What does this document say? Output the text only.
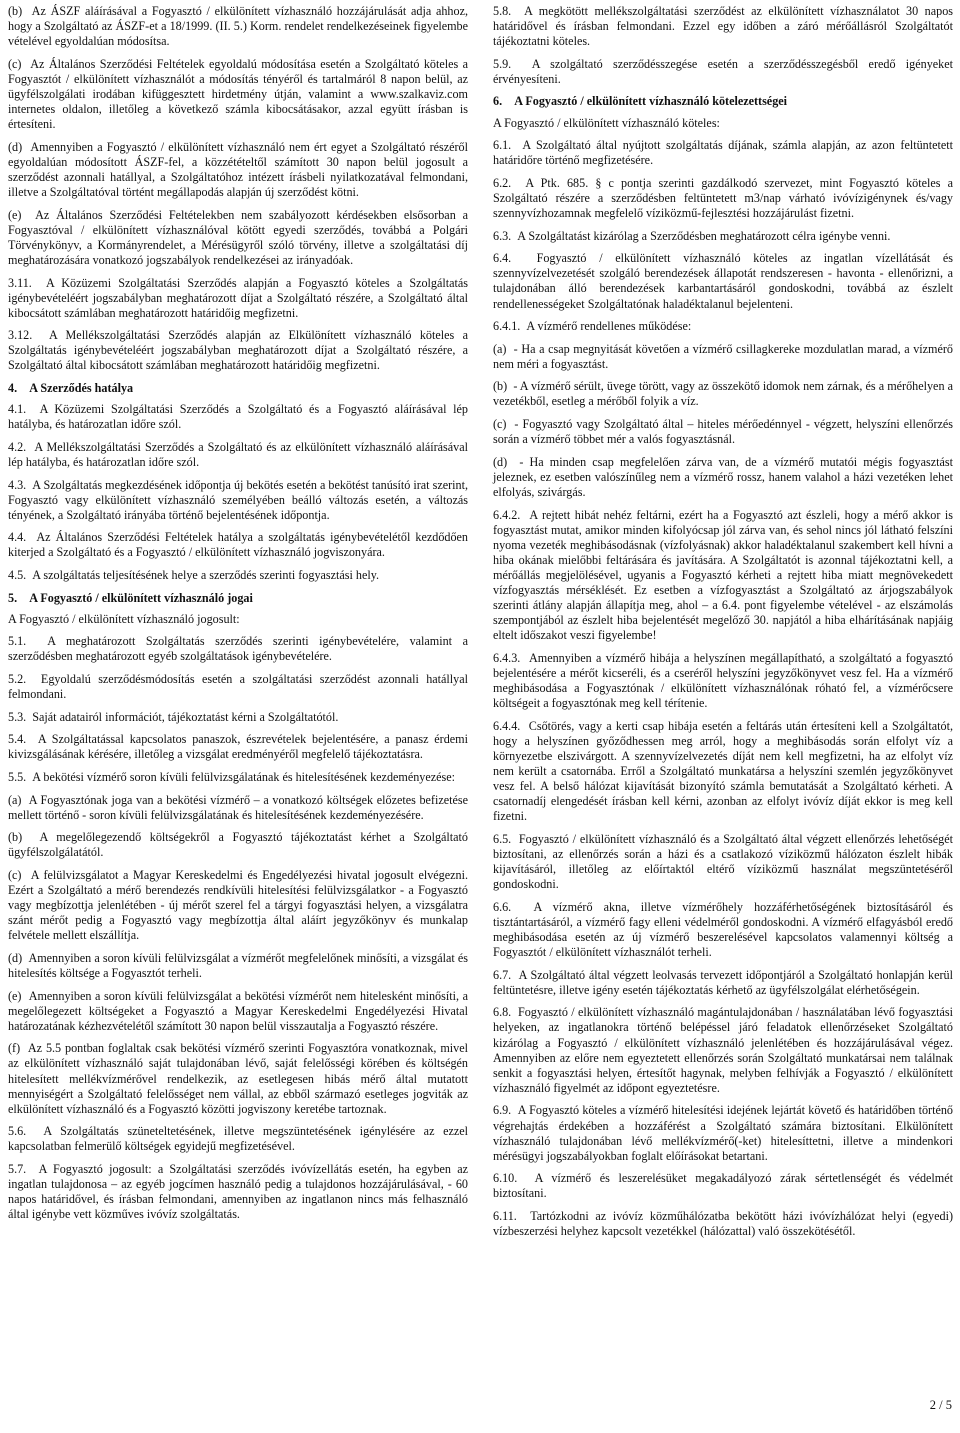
(b)  Az ÁSZF aláírásával a Fogyasztó / elkülönített vízhasználó hozzájárulását adja ahhoz, hogy a Szolgáltató az ÁSZF-et a 18/1999. (II. 5.) Korm. rendelet rendelkezéseinek figyelembe vételével egyoldalúan módosítsa.

(c)  Az Általános Szerződési Feltételek egyoldalú módosítása esetén a Szolgáltató köteles a Fogyasztót / elkülönített vízhasználót a módosítás tényéről és tartalmáról 8 napon belül, az ügyfélszolgálati irodában kifüggesztett hirdetmény útján, valamint a www.szalkaviz.com internetes oldalon, illetőleg a következő számla kibocsátásakor, azzal együtt írásban is értesíteni.

(d)  Amennyiben a Fogyasztó / elkülönített vízhasználó nem ért egyet a Szolgáltató részéről egyoldalúan módosított ÁSZF-fel, a közzétételtől számított 30 napon belül jogosult a szerződést azonnali hatállyal, a Szolgáltatóhoz intézett írásbeli nyilatkozatával felmondani, illetve a Szolgáltatóval történt megállapodás alapján új szerződést kötni.

(e)  Az Általános Szerződési Feltételekben nem szabályozott kérdésekben elsősorban a Fogyasztóval / elkülönített vízhasználóval kötött egyedi szerződés, továbbá a Polgári Törvénykönyv, a Kormányrendelet, a Mérésügyről szóló törvény, illetve a szolgáltatási díj meghatározására vonatkozó jogszabályok rendelkezései az irányadóak.

3.11.  A Közüzemi Szolgáltatási Szerződés alapján a Fogyasztó köteles a Szolgáltatás igénybevételéért jogszabályban meghatározott díjat a Szolgáltató részére, a Szolgáltató által kibocsátott számlában meghatározott határidőig megfizetni.

3.12.  A Mellékszolgáltatási Szerződés alapján az Elkülönített vízhasználó köteles a Szolgáltatás igénybevételéért jogszabályban meghatározott díjat a Szolgáltató részére, a Szolgáltató által kibocsátott számlában meghatározott határidőig megfizetni.

4.    A Szerződés hatálya

4.1.  A Közüzemi Szolgáltatási Szerződés a Szolgáltató és a Fogyasztó aláírásával lép hatályba, és határozatlan időre szól.

4.2.  A Mellékszolgáltatási Szerződés a Szolgáltató és az elkülönített vízhasználó aláírásával lép hatályba, és határozatlan időre szól.

4.3.  A Szolgáltatás megkezdésének időpontja új bekötés esetén a bekötést tanúsító irat szerint, Fogyasztó vagy elkülönített vízhasználó személyében beálló változás esetén, a változás tényének, a Szolgáltató irányába történő bejelentésének időpontja.

4.4.  Az Általános Szerződési Feltételek hatálya a szolgáltatás igénybevételétől kezdődően kiterjed a Szolgáltató és a Fogyasztó / elkülönített vízhasználó jogviszonyára.

4.5.  A szolgáltatás teljesítésének helye a szerződés szerinti fogyasztási hely.

5.    A Fogyasztó / elkülönített vízhasználó jogai

A Fogyasztó / elkülönített vízhasználó jogosult:

5.1.  A meghatározott Szolgáltatás szerződés szerinti igénybevételére, valamint a szerződésben meghatározott egyéb szolgáltatások igénybevételére.

5.2.  Egyoldalú szerződésmódosítás esetén a szolgáltatási szerződést azonnali hatállyal felmondani.

5.3.  Saját adatairól információt, tájékoztatást kérni a Szolgáltatótól.

5.4.  A Szolgáltatással kapcsolatos panaszok, észrevételek bejelentésére, a panasz érdemi kivizsgálásának kérésére, illetőleg a vizsgálat eredményéről megfelelő tájékoztatásra.

5.5.  A bekötési vízmérő soron kívüli felülvizsgálatának és hitelesítésének kezdeményezése:

(a)  A Fogyasztónak joga van a bekötési vízmérő – a vonatkozó költségek előzetes befizetése mellett történő - soron kívüli felülvizsgálatának és hitelesítésének kezdeményezésére.

(b)  A megelőlegezendő költségekről a Fogyasztó tájékoztatást kérhet a Szolgáltató ügyfélszolgálatától.

(c)  A felülvizsgálatot a Magyar Kereskedelmi és Engedélyezési hivatal jogosult elvégezni. Ezért a Szolgáltató a mérő berendezés rendkívüli hitelesítési felülvizsgálatkor - a Fogyasztó vagy megbízottja jelenlétében - új mérőt szerel fel a tárgyi fogyasztási helyen, a vizsgálatra szánt mérőt pedig a Fogyasztó vagy megbízottja által aláírt jegyzőkönyv és munkalap felvétele mellett elszállítja.

(d)  Amennyiben a soron kívüli felülvizsgálat a vízmérőt megfelelőnek minősíti, a vizsgálat és hitelesítés költsége a Fogyasztót terheli.

(e)  Amennyiben a soron kívüli felülvizsgálat a bekötési vízmérőt nem hitelesként minősíti, a megelőlegezett költségeket a Fogyasztó a Magyar Kereskedelmi Engedélyezési Hivatal határozatának kézhezvételétől számított 30 napon belül visszautalja a Fogyasztó részére.

(f)  Az 5.5 pontban foglaltak csak bekötési vízmérő szerinti Fogyasztóra vonatkoznak, mivel az elkülönített vízhasználó saját tulajdonában lévő, saját felelősségi körében és költségén hitelesített mellékvízmérővel rendelkezik, az esetlegesen hibás mérő által mutatott mennyiségért a Szolgáltató felelősséget nem vállal, az ebből származó esetleges jogviták az elkülönített vízhasználó és a Fogyasztó közötti jogviszony keretébe tartoznak.

5.6.  A Szolgáltatás szüneteltetésének, illetve megszüntetésének igénylésére az ezzel kapcsolatban felmerülő költségek egyidejű megfizetésével.

5.7.  A Fogyasztó jogosult: a Szolgáltatási szerződés ivóvízellátás esetén, ha egyben az ingatlan tulajdonosa – az egyéb jogcímen használó pedig a tulajdonos hozzájárulásával, - 60 napos határidővel, és írásban felmondani, amennyiben az ingatlanon nincs más felhasználó által igénybe vett közműves ivóvíz szolgáltatás.

5.8.  A megkötött mellékszolgáltatási szerződést az elkülönített vízhasználatot 30 napos határidővel és írásban felmondani. Ezzel egy időben a záró mérőállásról Szolgáltatót tájékoztatni köteles.

5.9.  A szolgáltató szerződésszegése esetén a szerződésszegésből eredő igényeket érvényesíteni.

6.    A Fogyasztó / elkülönített vízhasználó kötelezettségei

A Fogyasztó / elkülönített vízhasználó köteles:

6.1.  A Szolgáltató által nyújtott szolgáltatás díjának, számla alapján, az azon feltüntetett határidőre történő megfizetésére.

6.2.  A Ptk. 685. § c pontja szerinti gazdálkodó szervezet, mint Fogyasztó köteles a Szolgáltató részére a szerződésben feltüntetett m3/nap várható ivóvízigénynek és/vagy szennyvízhozamnak megfelelő víziközmű-fejlesztési hozzájárulást fizetni.

6.3.  A Szolgáltatást kizárólag a Szerződésben meghatározott célra igénybe venni.

6.4.  Fogyasztó / elkülönített vízhasználó köteles az ingatlan vízellátását és szennyvízelvezetését szolgáló berendezések állapotát rendszeresen - havonta - ellenőrizni, a tulajdonában álló berendezések karbantartásáról gondoskodni, továbbá az észlelt rendellenességeket Szolgáltatónak haladéktalanul bejelenteni.

6.4.1.  A vízmérő rendellenes működése:

(a)  - Ha a csap megnyitását követően a vízmérő csillagkereke mozdulatlan marad, a vízmérő nem méri a fogyasztást.

(b)  - A vízmérő sérült, üvege törött, vagy az összekötő idomok nem zárnak, és a mérőhelyen a vezetékből, esetleg a mérőből folyik a víz.

(c)  - Fogyasztó vagy Szolgáltató által – hiteles mérőedénnyel - végzett, helyszíni ellenőrzés során a vízmérő többet mér a valós fogyasztásnál.

(d)  - Ha minden csap megfelelően zárva van, de a vízmérő mutatói mégis fogyasztást jeleznek, ez esetben valószínűleg nem a vízmérő rossz, hanem valahol a házi vezetéken lehet elfolyás, szivárgás.

6.4.2.  A rejtett hibát nehéz feltárni, ezért ha a Fogyasztó azt észleli, hogy a mérő akkor is fogyasztást mutat, amikor minden kifolyócsap jól zárva van, és sehol nincs jól látható felszíni nyoma vezeték meghibásodásnak (vízfolyásnak) akkor haladéktalanul szakembert kell hívni a hiba okának mielőbbi feltárására és javítására. A Szolgáltatót is azonnal tájékoztatni kell, a mérőállás megjelölésével, ugyanis a Fogyasztó kérheti a rejtett hiba miatt megnövekedett vízfogyasztás mérséklését. Ez esetben a vízfogyasztást a Szolgáltató az árjogszabályok szerinti átlány alapján állapítja meg, ahol – a 6.4. pont figyelembe vételével - az elszámolás szempontjából az észlelt hiba bejelentését megelőző 30. napjától a hiba elhárításának napjáig eltelt időszakot veszi figyelembe!

6.4.3.  Amennyiben a vízmérő hibája a helyszínen megállapítható, a szolgáltató a fogyasztó bejelentésére a mérőt kicseréli, és a cseréről helyszíni jegyzőkönyvet vesz fel. Ha a vízmérő meghibásodása a Fogyasztónak / elkülönített vízhasználónak róható fel, a vízmérőcsere költségeit a fogyasztónak meg kell térítenie.

6.4.4.  Csőtörés, vagy a kerti csap hibája esetén a feltárás után értesíteni kell a Szolgáltatót, hogy a helyszínen győződhessen meg arról, hogy a meghibásodás során elfolyt víz a környezetbe elszivárgott. A szennyvízelvezetés díját nem kell megfizetni, ha az elfolyt víz nem került a csatornába. Erről a Szolgáltató munkatársa a helyszíni szemlén jegyzőkönyvet vesz fel. A belső hálózat kijavítását bizonyító számla bemutatását a Szolgáltató kérheti. A csatornadíj elengedését írásban kell kérni, azonban az elfolyt ivóvíz díját ekkor is meg kell fizetni.

6.5.  Fogyasztó / elkülönített vízhasználó és a Szolgáltató által végzett ellenőrzés lehetőségét biztosítani, az ellenőrzés során a házi és a csatlakozó víziközmű hálózaton észlelt hibák kijavításáról, illetőleg az előírtaktól eltérő víziközmű használat megszüntetéséről gondoskodni.

6.6.  A vízmérő akna, illetve vízmérőhely hozzáférhetőségének biztosításáról és tisztántartásáról, a vízmérő fagy elleni védelméről gondoskodni. A vízmérő elfagyásból eredő meghibásodása esetén az új vízmérő beszerelésével kapcsolatos valamennyi költség a Fogyasztót / elkülönített vízhasználót terheli.

6.7.  A Szolgáltató által végzett leolvasás tervezett időpontjáról a Szolgáltató honlapján kerül feltüntetésre, illetve igény esetén tájékoztatás kérhető az ügyfélszolgálat elérhetőségein.

6.8.  Fogyasztó / elkülönített vízhasználó magántulajdonában / használatában lévő fogyasztási helyeken, az ingatlanokra történő belépéssel járó feladatok ellenőrzéseket Szolgáltató kizárólag a Fogyasztó / elkülönített vízhasználó jelenlétében és hozzájárulásával végez. Amennyiben az előre nem egyeztetett ellenőrzés során Szolgáltató munkatársai nem találnak senkit a fogyasztási helyen, értesítőt hagynak, melyben felhívják a Fogyasztó / elkülönített vízhasználó figyelmét az időpont egyeztetésre.

6.9.  A Fogyasztó köteles a vízmérő hitelesítési idejének lejártát követő és határidőben történő végrehajtás érdekében a hozzáférést a Szolgáltató számára biztosítani. Elkülönített vízhasználó tulajdonában lévő mellékvízmérő(-ket) hitelesíttetni, illetve a mindenkori mérésügyi jogszabályokban foglalt előírásokat betartani.

6.10.  A vízmérő és leszerelésüket megakadályozó zárak sértetlenségét és védelmét biztosítani.

6.11.  Tartózkodni az ivóvíz közműhálózatba bekötött házi ivóvízhálózat helyi (egyedi) vízbeszerzési helyhez kapcsolt vezetékkel (hálózattal) való összekötésétől.

2 / 5
